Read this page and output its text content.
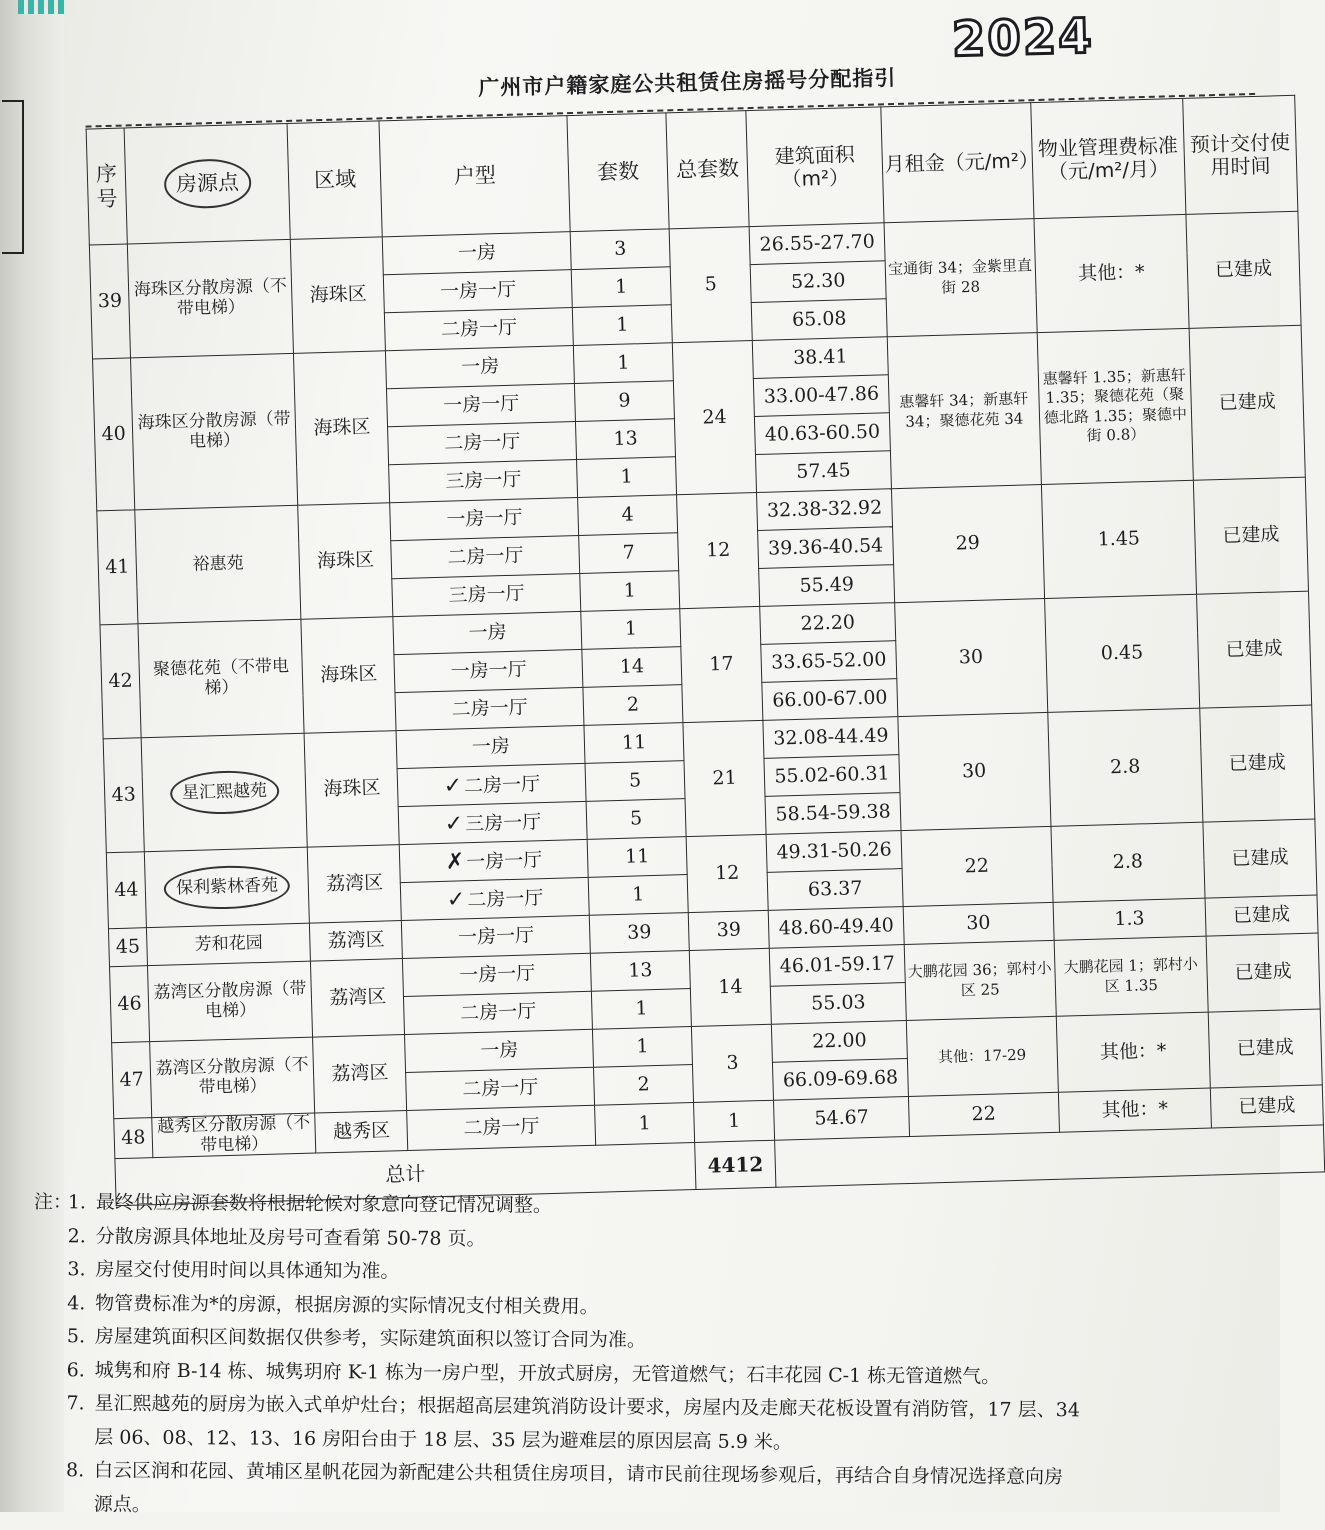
广州市户籍家庭公共租赁住房摇号分配指引
2024
序号	房源点	区域	户型	套数	总套数	建筑面积（m²）	月租金（元/m²）	物业管理费标准（元/m²/月）	预计交付使用时间
39	海珠区分散房源（不带电梯）	海珠区	一房	3	5	26.55-27.70	宝通街 34；金紫里直街 28	其他：*	已建成
			一房一厅	1		52.30			
			二房一厅	1		65.08			
40	海珠区分散房源（带电梯）	海珠区	一房	1	24	38.41	惠馨轩 34；新惠轩 34；聚德花苑 34	惠馨轩 1.35；新惠轩 1.35；聚德花苑（聚德北路 1.35；聚德中街 0.8）	已建成
			一房一厅	9		33.00-47.86			
			二房一厅	13		40.63-60.50			
			三房一厅	1		57.45			
41	裕惠苑	海珠区	一房一厅	4	12	32.38-32.92	29	1.45	已建成
			二房一厅	7		39.36-40.54			
			三房一厅	1		55.49			
42	聚德花苑（不带电梯）	海珠区	一房	1	17	22.20	30	0.45	已建成
			一房一厅	14		33.65-52.00			
			二房一厅	2		66.00-67.00			
43	星汇熙越苑	海珠区	一房	11	21	32.08-44.49	30	2.8	已建成
			✓二房一厅	5		55.02-60.31			
			✓三房一厅	5		58.54-59.38			
44	保利紫林香苑	荔湾区	✗一房一厅	11	12	49.31-50.26	22	2.8	已建成
			✓二房一厅	1		63.37			
45	芳和花园	荔湾区	一房一厅	39	39	48.60-49.40	30	1.3	已建成
46	荔湾区分散房源（带电梯）	荔湾区	一房一厅	13	14	46.01-59.17	大鹏花园 36；郭村小区 25	大鹏花园 1；郭村小区 1.35	已建成
			二房一厅	1		55.03			
47	荔湾区分散房源（不带电梯）	荔湾区	一房	1	3	22.00	其他：17-29	其他：*	已建成
			二房一厅	2		66.09-69.68			
48	越秀区分散房源（不带电梯）	越秀区	二房一厅	1	1	54.67	22	其他：*	已建成
总计					4412				
注：
1. 最终供应房源套数将根据轮候对象意向登记情况调整。
2. 分散房源具体地址及房号可查看第 50-78 页。
3. 房屋交付使用时间以具体通知为准。
4. 物管费标准为*的房源，根据房源的实际情况支付相关费用。
5. 房屋建筑面积区间数据仅供参考，实际建筑面积以签订合同为准。
6. 城隽和府 B-14 栋、城隽玥府 K-1 栋为一房户型，开放式厨房，无管道燃气；石丰花园 C-1 栋无管道燃气。
7. 星汇熙越苑的厨房为嵌入式单炉灶台；根据超高层建筑消防设计要求，房屋内及走廊天花板设置有消防管，17 层、34
层 06、08、12、13、16 房阳台由于 18 层、35 层为避难层的原因层高 5.9 米。
8. 白云区润和花园、黄埔区星帆花园为新配建公共租赁住房项目，请市民前往现场参观后，再结合自身情况选择意向房
源点。
